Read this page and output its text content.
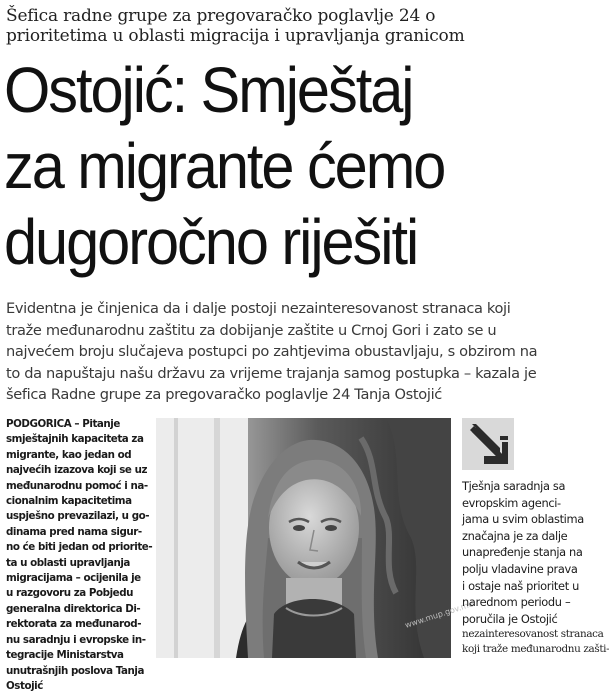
Šefica radne grupe za pregovaračko poglavlje 24 o
prioritetima u oblasti migracija i upravljanja granicom
Ostojić: Smještaj
za migrante ćemo
dugoročno riješiti
Evidentna je činjenica da i dalje postoji nezainteresovanost stranaca koji
traže međunarodnu zaštitu za dobijanje zaštite u Crnoj Gori i zato se u
najvećem broju slučajeva postupci po zahtjevima obustavljaju, s obzirom na
to da napuštaju našu državu za vrijeme trajanja samog postupka – kazala je
šefica Radne grupe za pregovaračko poglavlje 24 Tanja Ostojić
PODGORICA – Pitanje
smještajnih kapaciteta za
migrante, kao jedan od
najvećih izazova koji se uz
međunarodnu pomoć i na-
cionalnim kapacitetima
uspješno prevazilazi, u go-
dinama pred nama sigur-
no će biti jedan od priorite-
ta u oblasti upravljanja
migracijama – ocijenila je
u razgovoru za Pobjedu
generalna direktorica Di-
rektorata za međunarod-
nu saradnju i evropske in-
tegracije Ministarstva
unutrašnjih poslova Tanja
Ostojić
www.mup.gov.me
Tješnja saradnja sa
evropskim agenci-
jama u svim oblastima
značajna je za dalje
unapređenje stanja na
polju vladavine prava
i ostaje naš prioritet u
narednom periodu –
poručila je Ostojić
nezainteresovanost stranaca
koji traže međunarodnu zašti-
